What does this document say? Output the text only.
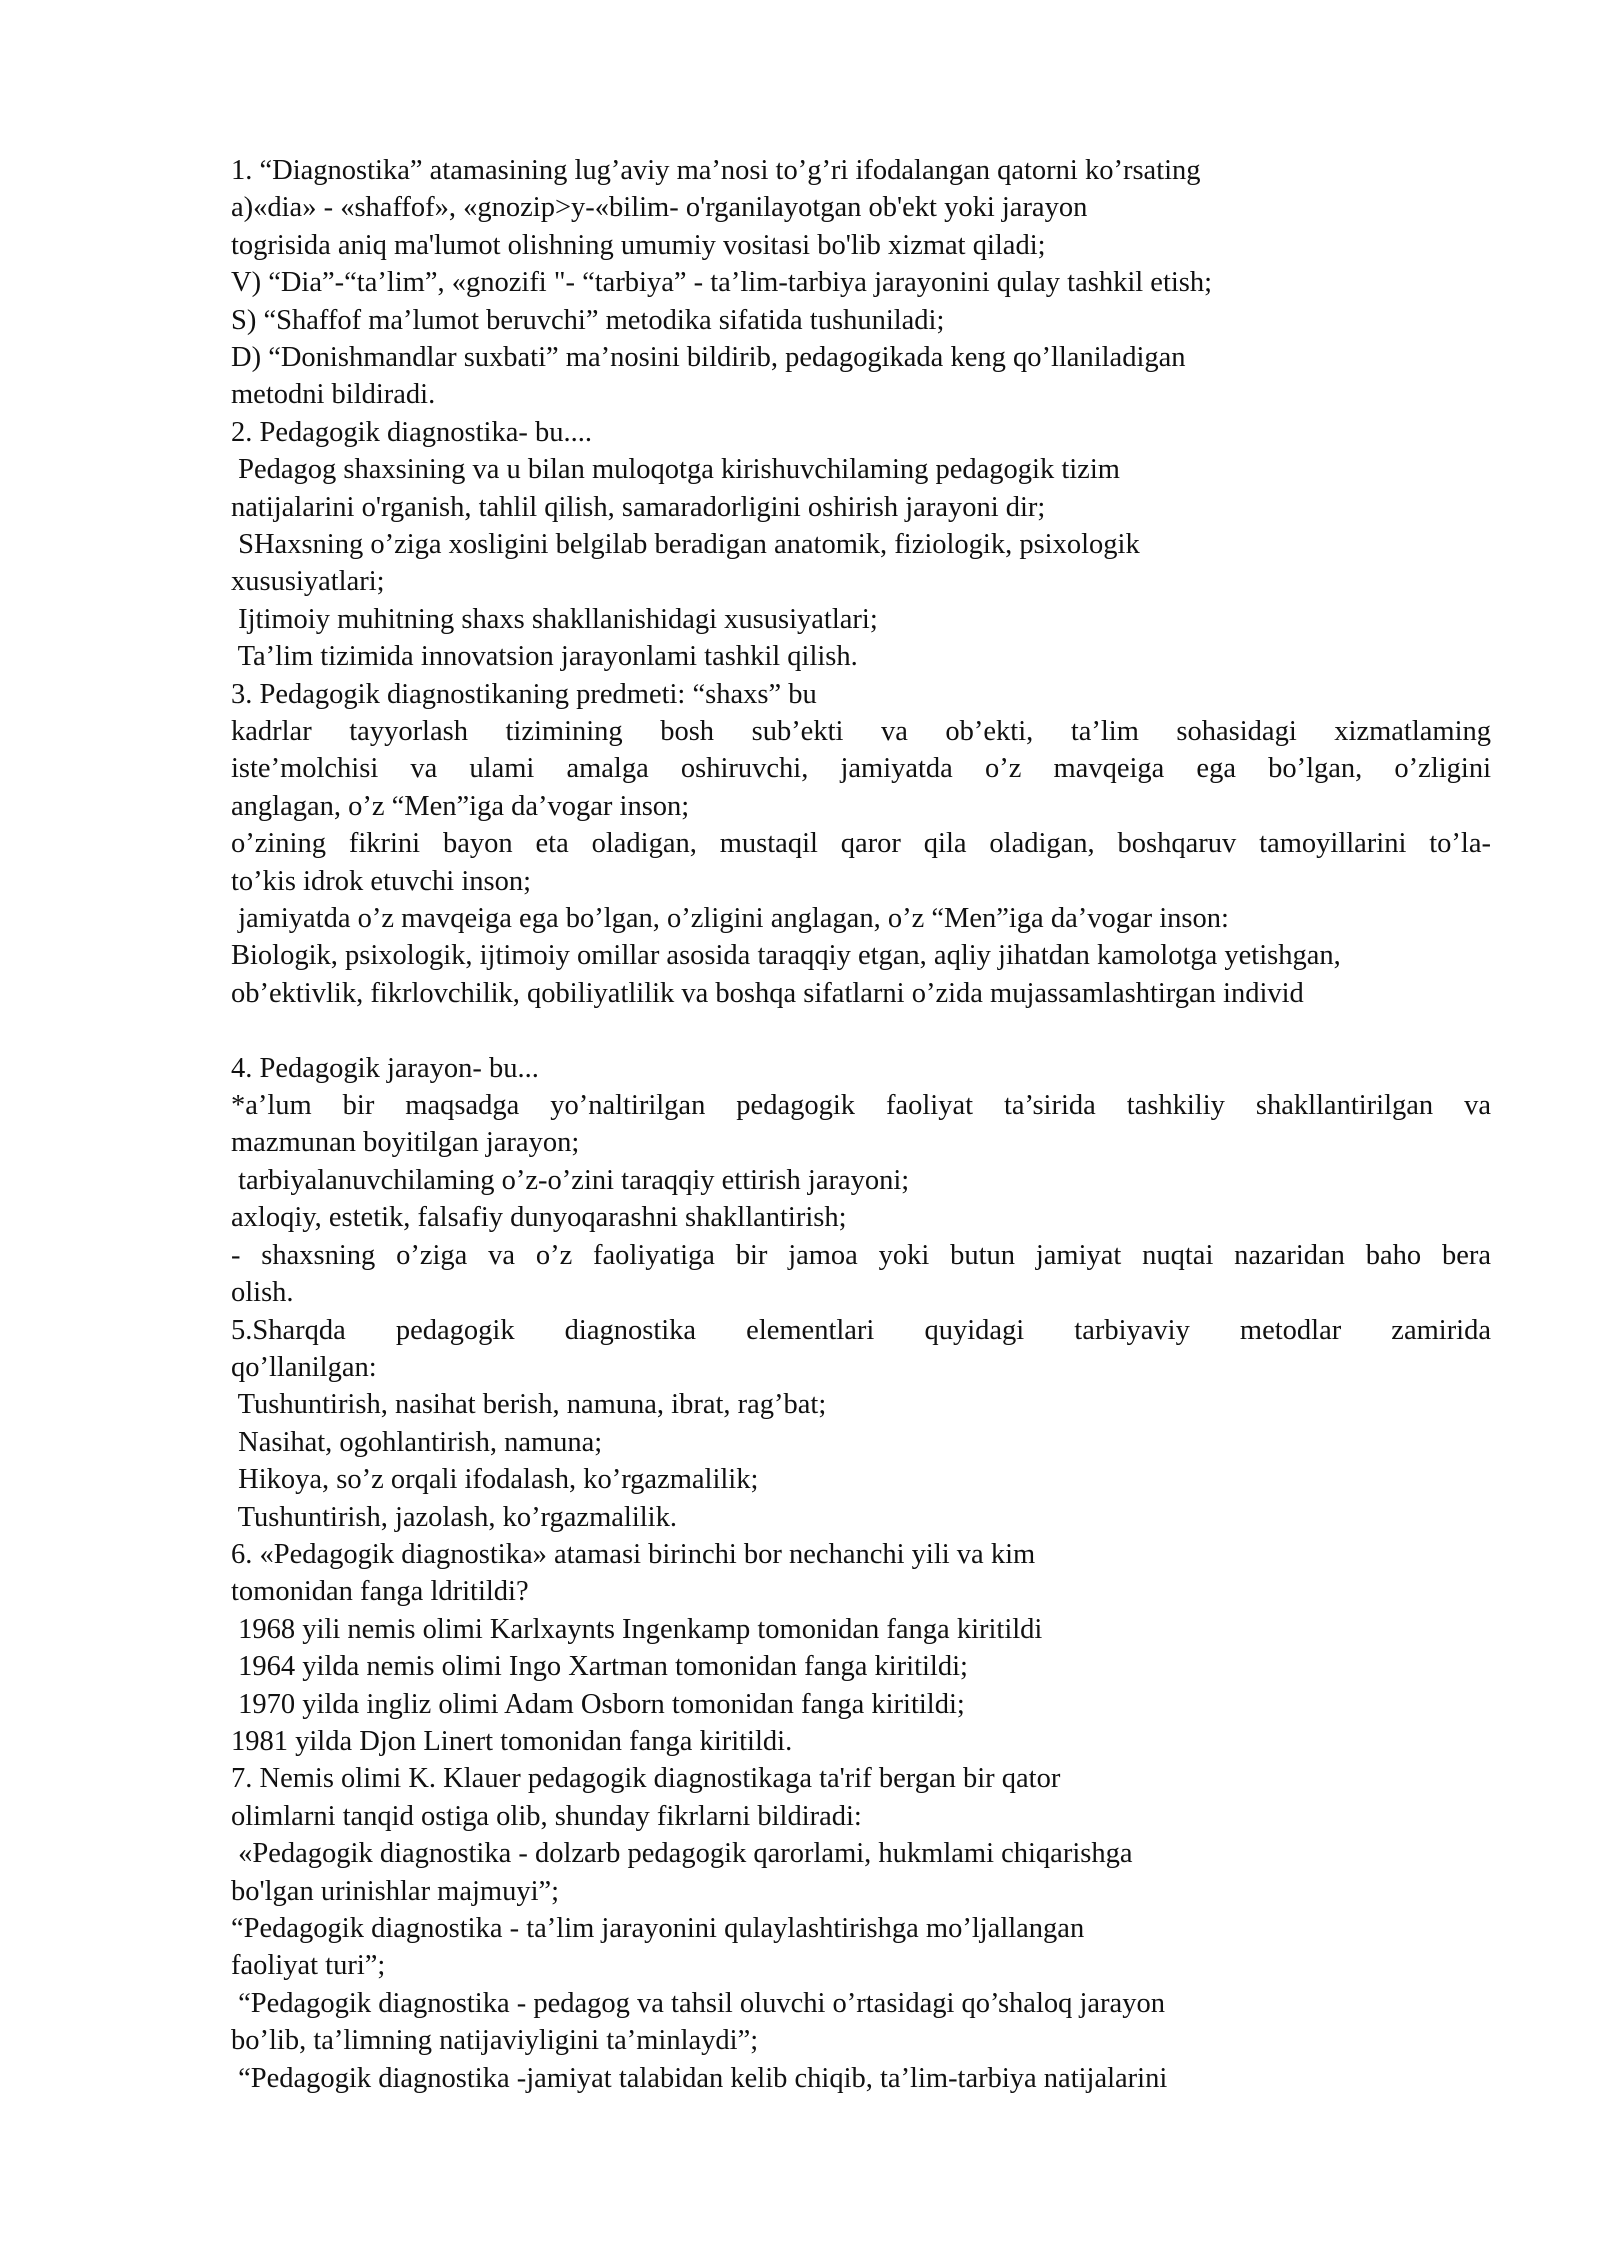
1. “Diagnostika” atamasining lug’aviy ma’nosi to’g’ri ifodalangan qatorni ko’rsating
a)«dia» - «shaffof», «gnozip>y-«bilim- o'rganilayotgan ob'ekt yoki jarayon
togrisida aniq ma'lumot olishning umumiy vositasi bo'lib xizmat qiladi;
V) “Dia”-“ta’lim”, «gnozifi "- “tarbiya” - ta’lim-tarbiya jarayonini qulay tashkil etish;
S) “Shaffof ma’lumot beruvchi” metodika sifatida tushuniladi;
D) “Donishmandlar suxbati” ma’nosini bildirib, pedagogikada keng qo’llaniladigan
metodni bildiradi.
2. Pedagogik diagnostika- bu....
Pedagog shaxsining va u bilan muloqotga kirishuvchilaming pedagogik tizim
natijalarini o'rganish, tahlil qilish, samaradorligini oshirish jarayoni dir;
SHaxsning o’ziga xosligini belgilab beradigan anatomik, fiziologik, psixologik
xususiyatlari;
Ijtimoiy muhitning shaxs shakllanishidagi xususiyatlari;
Ta’lim tizimida innovatsion jarayonlami tashkil qilish.
3. Pedagogik diagnostikaning predmeti: “shaxs” bu
kadrlar tayyorlash tizimining bosh sub’ekti va ob’ekti, ta’lim sohasidagi xizmatlaming
iste’molchisi va ulami amalga oshiruvchi, jamiyatda o’z mavqeiga ega bo’lgan, o’zligini
anglagan, o’z “Men”iga da’vogar inson;
o’zining fikrini bayon eta oladigan, mustaqil qaror qila oladigan, boshqaruv tamoyillarini to’la-
to’kis idrok etuvchi inson;
jamiyatda o’z mavqeiga ega bo’lgan, o’zligini anglagan, o’z “Men”iga da’vogar inson:
Biologik, psixologik, ijtimoiy omillar asosida taraqqiy etgan, aqliy jihatdan kamolotga yetishgan,
ob’ektivlik, fikrlovchilik, qobiliyatlilik va boshqa sifatlarni o’zida mujassamlashtirgan individ
4. Pedagogik jarayon- bu...
*a’lum bir maqsadga yo’naltirilgan pedagogik faoliyat ta’sirida tashkiliy shakllantirilgan va
mazmunan boyitilgan jarayon;
tarbiyalanuvchilaming o’z-o’zini taraqqiy ettirish jarayoni;
axloqiy, estetik, falsafiy dunyoqarashni shakllantirish;
- shaxsning o’ziga va o’z faoliyatiga bir jamoa yoki butun jamiyat nuqtai nazaridan baho bera
olish.
5.Sharqda pedagogik diagnostika elementlari quyidagi tarbiyaviy metodlar zamirida
qo’llanilgan:
Tushuntirish, nasihat berish, namuna, ibrat, rag’bat;
Nasihat, ogohlantirish, namuna;
Hikoya, so’z orqali ifodalash, ko’rgazmalilik;
Tushuntirish, jazolash, ko’rgazmalilik.
6. «Pedagogik diagnostika» atamasi birinchi bor nechanchi yili va kim
tomonidan fanga ldritildi?
1968 yili nemis olimi Karlxaynts Ingenkamp tomonidan fanga kiritildi
1964 yilda nemis olimi Ingo Xartman tomonidan fanga kiritildi;
1970 yilda ingliz olimi Adam Osborn tomonidan fanga kiritildi;
1981 yilda Djon Linert tomonidan fanga kiritildi.
7. Nemis olimi K. Klauer pedagogik diagnostikaga ta'rif bergan bir qator
olimlarni tanqid ostiga olib, shunday fikrlarni bildiradi:
«Pedagogik diagnostika - dolzarb pedagogik qarorlami, hukmlami chiqarishga
bo'lgan urinishlar majmuyi”;
“Pedagogik diagnostika - ta’lim jarayonini qulaylashtirishga mo’ljallangan
faoliyat turi”;
“Pedagogik diagnostika - pedagog va tahsil oluvchi o’rtasidagi qo’shaloq jarayon
bo’lib, ta’limning natijaviyligini ta’minlaydi”;
“Pedagogik diagnostika -jamiyat talabidan kelib chiqib, ta’lim-tarbiya natijalarini
